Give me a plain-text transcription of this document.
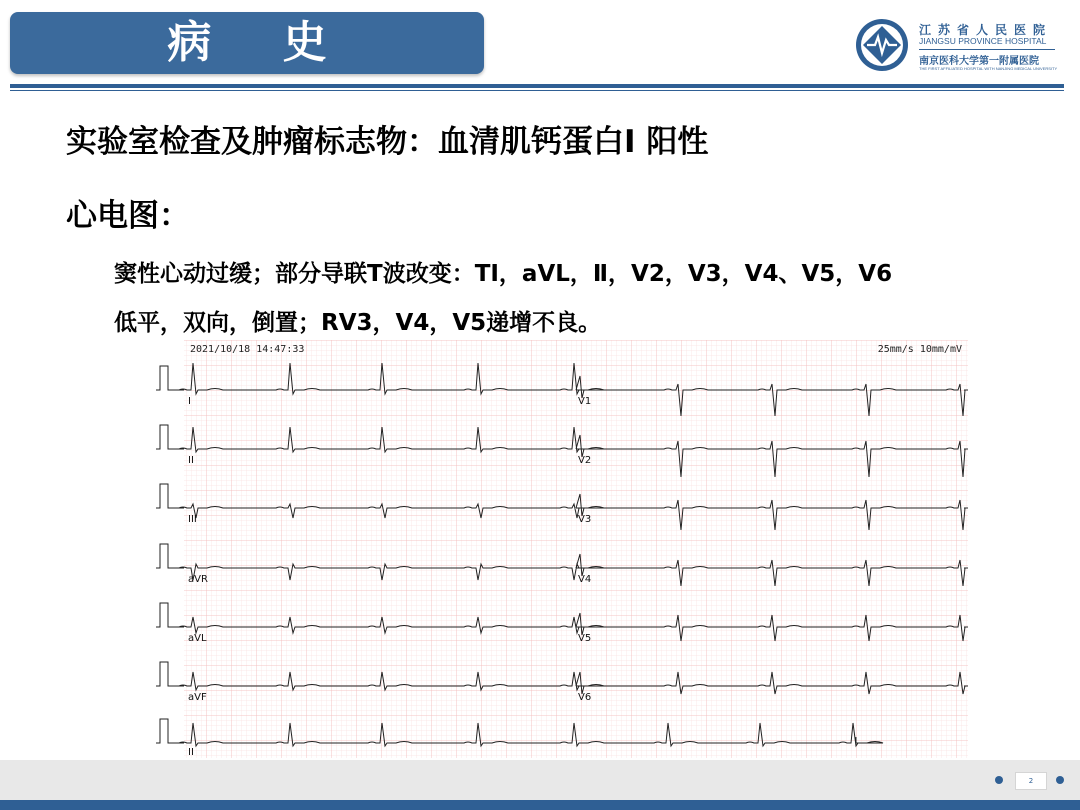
病 史	江苏省人民医院
JIANGSU PROVINCE HOSPITAL
南京医科大学第一附属医院
THE FIRST AFFILIATED HOSPITAL WITH NANJING MEDICAL UNIVERSITY
实验室检查及肿瘤标志物：血清肌钙蛋白Ⅰ 阳性
心电图：
窦性心动过缓；部分导联T波改变：TI，aVL，Ⅱ，V2，V3，V4、V5，V6
低平，双向，倒置；RV3，V4，V5递增不良。
2021/10/18 14:47:33	25mm/s 10mm/mV
I	V1
II	V2
III	V3
aVR	V4
aVL	V5
aVF	V6
II
2
